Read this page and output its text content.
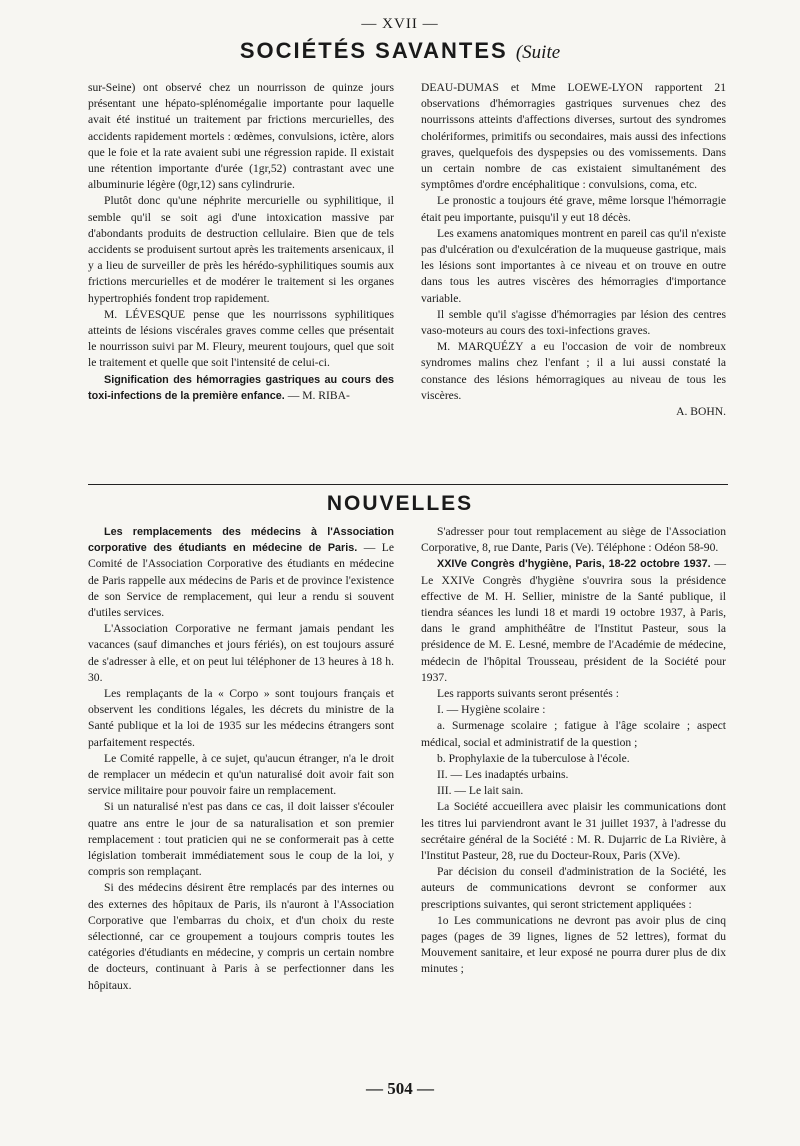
— XVII —
SOCIÉTÉS SAVANTES (Suite

sur-Seine) ont observé chez un nourrisson de quinze jours présentant une hépato-splénomégalie importante pour laquelle avait été institué un traitement par frictions mercurielles, des accidents rapidement mortels : œdèmes, convulsions, ictère, alors que le foie et la rate avaient subi une régression rapide. Il existait une rétention importante d'urée (1gr,52) contrastant avec une albuminurie légère (0gr,12) sans cylindrurie.

Plutôt donc qu'une néphrite mercurielle ou syphilitique, il semble qu'il se soit agi d'une intoxication massive par d'abondants produits de destruction cellulaire. Bien que de tels accidents se produisent surtout après les traitements arsenicaux, il y a lieu de surveiller de près les hérédo-syphilitiques soumis aux frictions mercurielles et de modérer le traitement si les organes hypertrophiés fondent trop rapidement.

M. LÉVESQUE pense que les nourrissons syphilitiques atteints de lésions viscérales graves comme celles que présentait le nourrisson suivi par M. Fleury, meurent toujours, quel que soit le traitement et quelle que soit l'intensité de celui-ci.

Signification des hémorragies gastriques au cours des toxi-infections de la première enfance. — M. RIBA-

DEAU-DUMAS et Mme LOEWE-LYON rapportent 21 observations d'hémorragies gastriques survenues chez des nourrissons atteints d'affections diverses, surtout des syndromes cholériformes, primitifs ou secondaires, mais aussi des infections graves, quelquefois des dyspepsies ou des vomissements. Dans un certain nombre de cas existaient simultanément des symptômes d'ordre encéphalitique : convulsions, coma, etc.

Le pronostic a toujours été grave, même lorsque l'hémorragie était peu importante, puisqu'il y eut 18 décès.

Les examens anatomiques montrent en pareil cas qu'il n'existe pas d'ulcération ou d'exulcération de la muqueuse gastrique, mais les lésions sont importantes à ce niveau et on trouve en outre dans tous les autres viscères des hémorragies d'importance variable.

Il semble qu'il s'agisse d'hémorragies par lésion des centres vaso-moteurs au cours des toxi-infections graves.

M. MARQUÉZY a eu l'occasion de voir de nombreux syndromes malins chez l'enfant ; il a lui aussi constaté la constance des lésions hémorragiques au niveau de tous les viscères.

A. BOHN.
NOUVELLES

Les remplacements des médecins à l'Association corporative des étudiants en médecine de Paris. — Le Comité de l'Association Corporative des étudiants en médecine de Paris rappelle aux médecins de Paris et de province l'existence de son Service de remplacement, qui leur a rendu si souvent d'utiles services.

L'Association Corporative ne fermant jamais pendant les vacances (sauf dimanches et jours fériés), on est toujours assuré de s'adresser à elle, et on peut lui téléphoner de 13 heures à 18 h. 30.

Les remplaçants de la « Corpo » sont toujours français et observent les conditions légales, les décrets du ministre de la Santé publique et la loi de 1935 sur les médecins étrangers sont parfaitement respectés.

Le Comité rappelle, à ce sujet, qu'aucun étranger, n'a le droit de remplacer un médecin et qu'un naturalisé doit avoir fait son service militaire pour pouvoir faire un remplacement.

Si un naturalisé n'est pas dans ce cas, il doit laisser s'écouler quatre ans entre le jour de sa naturalisation et son premier remplacement : tout praticien qui ne se conformerait pas à cette législation tomberait immédiatement sous le coup de la loi, y compris son remplaçant.

Si des médecins désirent être remplacés par des internes ou des externes des hôpitaux de Paris, ils n'auront à l'Association Corporative que l'embarras du choix, et d'un choix du reste sélectionné, car ce groupement a toujours compris toutes les catégories d'étudiants en médecine, y compris un certain nombre de docteurs, continuant à Paris à se perfectionner dans les hôpitaux.

S'adresser pour tout remplacement au siège de l'Association Corporative, 8, rue Dante, Paris (Ve). Téléphone : Odéon 58-90.

XXIVe Congrès d'hygiène, Paris, 18-22 octobre 1937. — Le XXIVe Congrès d'hygiène s'ouvrira sous la présidence effective de M. H. Sellier, ministre de la Santé publique, il tiendra séances les lundi 18 et mardi 19 octobre 1937, à Paris, dans le grand amphithéâtre de l'Institut Pasteur, sous la présidence de M. E. Lesné, membre de l'Académie de médecine, médecin de l'hôpital Trousseau, président de la Société pour 1937.

Les rapports suivants seront présentés :

I. — Hygiène scolaire :

a. Surmenage scolaire ; fatigue à l'âge scolaire ; aspect médical, social et administratif de la question ;

b. Prophylaxie de la tuberculose à l'école.

II. — Les inadaptés urbains.

III. — Le lait sain.

La Société accueillera avec plaisir les communications dont les titres lui parviendront avant le 31 juillet 1937, à l'adresse du secrétaire général de la Société : M. R. Dujarric de La Rivière, à l'Institut Pasteur, 28, rue du Docteur-Roux, Paris (XVe).

Par décision du conseil d'administration de la Société, les auteurs de communications devront se conformer aux prescriptions suivantes, qui seront strictement appliquées :

1o Les communications ne devront pas avoir plus de cinq pages (pages de 39 lignes, lignes de 52 lettres), format du Mouvement sanitaire, et leur exposé ne pourra durer plus de dix minutes ;

— 504 —
